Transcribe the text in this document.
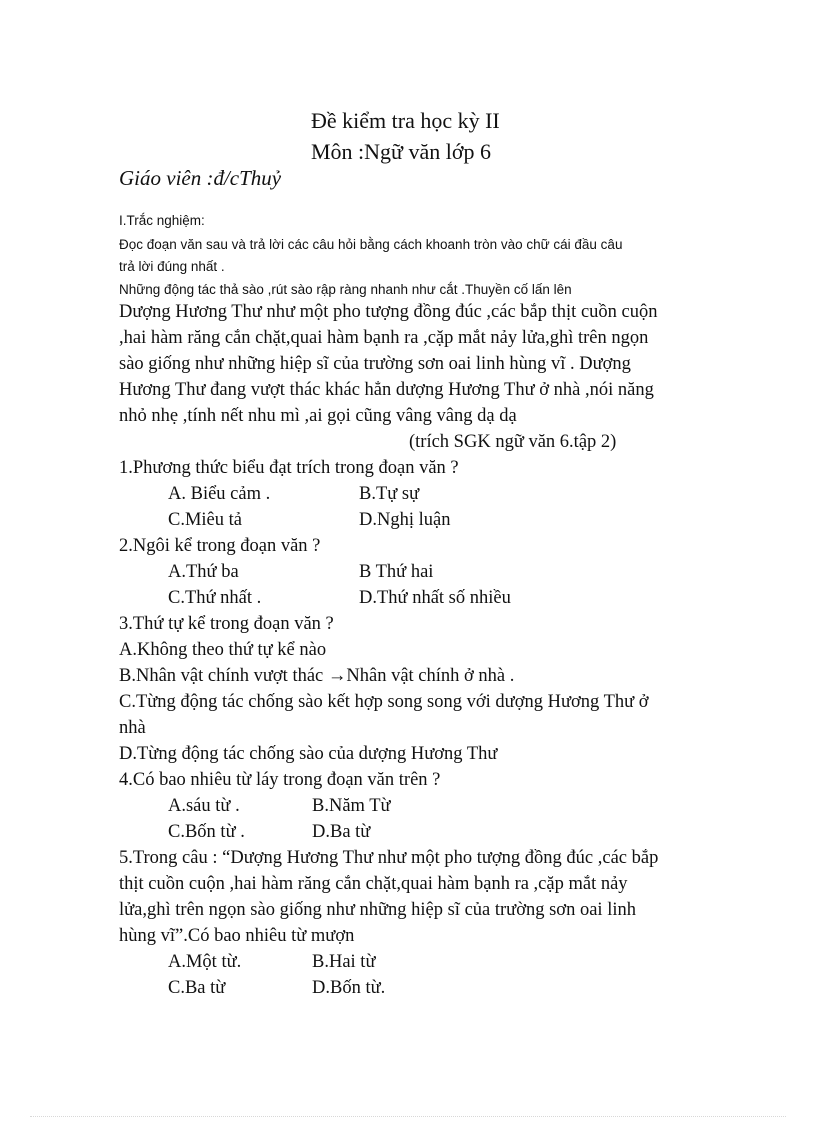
Đề kiểm tra học kỳ II
Môn :Ngữ văn lớp 6
Giáo viên :đ/cThuỷ
I.Trắc nghiệm:
Đọc đoạn văn sau và trả lời các câu hỏi bằng cách khoanh tròn vào chữ cái đầu câu
trả lời đúng nhất .
Những động tác thả sào ,rút sào rập ràng nhanh như cắt .Thuyền cố lấn lên
Dượng Hương Thư như một pho tượng đồng đúc ,các bắp thịt cuồn cuộn
,hai hàm răng cắn chặt,quai hàm bạnh ra ,cặp mắt nảy lửa,ghì trên ngọn
sào giống như những hiệp sĩ của trường sơn oai linh hùng vĩ . Dượng
Hương Thư đang vượt thác khác hẳn dượng Hương Thư ở nhà ,nói năng
nhỏ nhẹ ,tính nết nhu mì ,ai gọi cũng vâng vâng dạ dạ
(trích SGK ngữ văn 6.tập 2)
1.Phương thức biểu đạt trích trong đoạn văn ?
A. Biểu cảm .	B.Tự sự
C.Miêu tả	D.Nghị luận
2.Ngôi kể trong đoạn văn ?
A.Thứ ba	B Thứ hai
C.Thứ nhất .	D.Thứ nhất số nhiều
3.Thứ tự kể trong đoạn văn ?
A.Không theo thứ tự kể nào
B.Nhân vật chính vượt thác →Nhân vật chính ở nhà .
C.Từng động tác chống sào kết hợp song song với dượng Hương Thư ở
nhà
D.Từng động tác chống sào của dượng Hương Thư
4.Có bao nhiêu từ láy trong đoạn văn trên ?
A.sáu từ .	B.Năm Từ
C.Bốn từ .	D.Ba từ
5.Trong câu : “Dượng Hương Thư như một pho tượng đồng đúc ,các bắp
thịt cuồn cuộn ,hai hàm răng cắn chặt,quai hàm bạnh ra ,cặp mắt nảy
lửa,ghì trên ngọn sào giống như những hiệp sĩ của trường sơn oai linh
hùng vĩ”.Có bao nhiêu từ mượn
A.Một từ.	B.Hai từ
C.Ba từ	D.Bốn từ.
